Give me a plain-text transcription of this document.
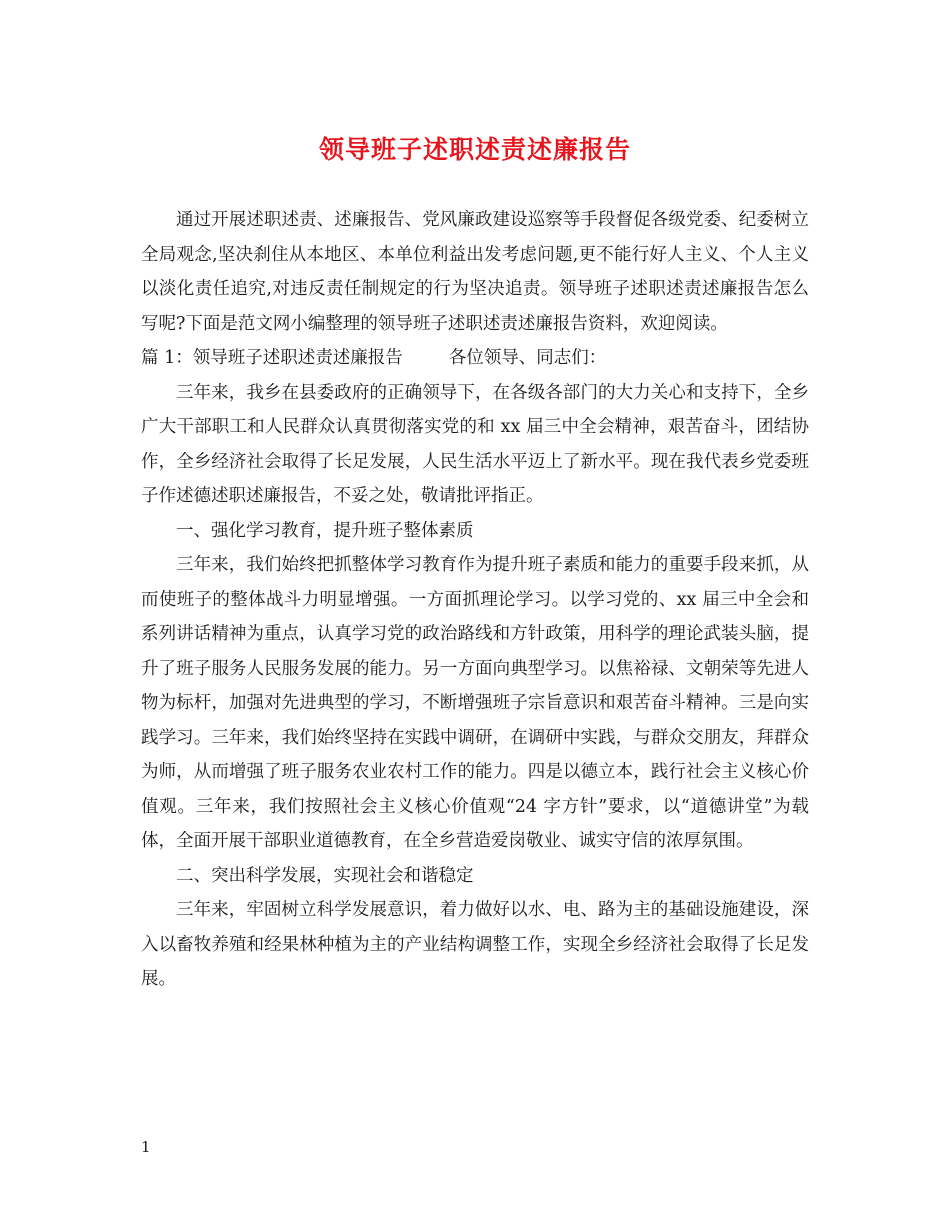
领导班子述职述责述廉报告

通过开展述职述责、述廉报告、党风廉政建设巡察等手段督促各级党委、纪委树立全局观念,坚决刹住从本地区、本单位利益出发考虑问题,更不能行好人主义、个人主义以淡化责任追究,对违反责任制规定的行为坚决追责。领导班子述职述责述廉报告怎么写呢?下面是范文网小编整理的领导班子述职述责述廉报告资料，欢迎阅读。

篇 1：领导班子述职述责述廉报告	各位领导、同志们：

三年来，我乡在县委政府的正确领导下，在各级各部门的大力关心和支持下，全乡广大干部职工和人民群众认真贯彻落实党的和 xx 届三中全会精神，艰苦奋斗，团结协作，全乡经济社会取得了长足发展，人民生活水平迈上了新水平。现在我代表乡党委班子作述德述职述廉报告，不妥之处，敬请批评指正。

一、强化学习教育，提升班子整体素质

三年来，我们始终把抓整体学习教育作为提升班子素质和能力的重要手段来抓，从而使班子的整体战斗力明显增强。一方面抓理论学习。以学习党的、xx 届三中全会和系列讲话精神为重点，认真学习党的政治路线和方针政策，用科学的理论武装头脑，提升了班子服务人民服务发展的能力。另一方面向典型学习。以焦裕禄、文朝荣等先进人物为标杆，加强对先进典型的学习，不断增强班子宗旨意识和艰苦奋斗精神。三是向实践学习。三年来，我们始终坚持在实践中调研，在调研中实践，与群众交朋友，拜群众为师，从而增强了班子服务农业农村工作的能力。四是以德立本，践行社会主义核心价值观。三年来，我们按照社会主义核心价值观“24 字方针”要求，以“道德讲堂”为载体，全面开展干部职业道德教育，在全乡营造爱岗敬业、诚实守信的浓厚氛围。

二、突出科学发展，实现社会和谐稳定

三年来，牢固树立科学发展意识，着力做好以水、电、路为主的基础设施建设，深入以畜牧养殖和经果林种植为主的产业结构调整工作，实现全乡经济社会取得了长足发展。

1
